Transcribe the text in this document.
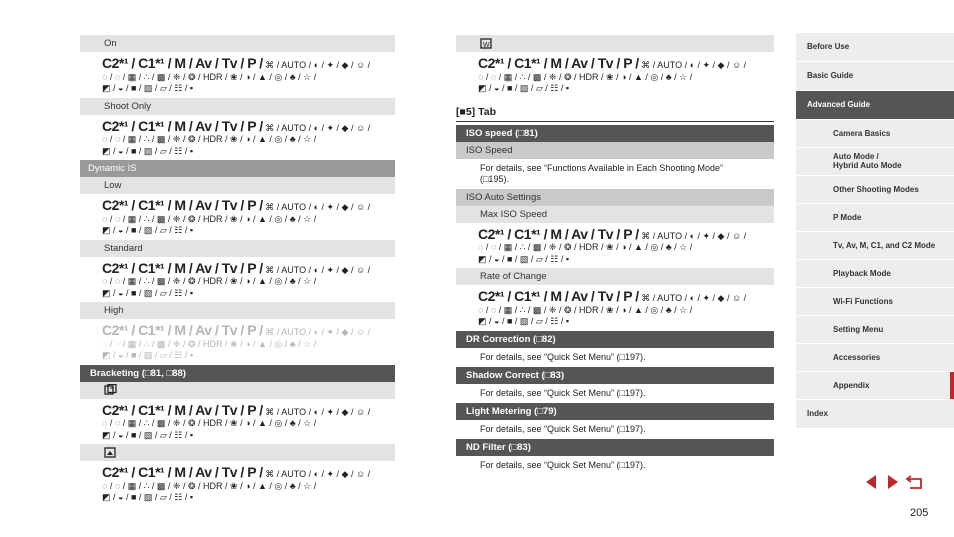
On
C2*¹ / C1*¹ / M / Av / Tv / P / ⌘ / AUTO / ◐ / ✦ / ◆ / ☺ /
◌ / ◌ / ▦ / ∴ / ▩ / ❈ / ❂ / HDR / ❀ / ◑ / ▲ / ◎ / ♣ / ☆ /
◩ / ◒ / ■ / ▧ / ▱ / ☷ / ▪
Shoot Only
C2*¹ / C1*¹ / M / Av / Tv / P / ⌘ / AUTO / ◐ / ✦ / ◆ / ☺ /
◌ / ◌ / ▦ / ∴ / ▩ / ❈ / ❂ / HDR / ❀ / ◑ / ▲ / ◎ / ♣ / ☆ /
◩ / ◒ / ■ / ▧ / ▱ / ☷ / ▪
Dynamic IS
Low
C2*¹ / C1*¹ / M / Av / Tv / P / ⌘ / AUTO / ◐ / ✦ / ◆ / ☺ /
◌ / ◌ / ▦ / ∴ / ▩ / ❈ / ❂ / HDR / ❀ / ◑ / ▲ / ◎ / ♣ / ☆ /
◩ / ◒ / ■ / ▧ / ▱ / ☷ / ▪
Standard
C2*¹ / C1*¹ / M / Av / Tv / P / ⌘ / AUTO / ◐ / ✦ / ◆ / ☺ /
◌ / ◌ / ▦ / ∴ / ▩ / ❈ / ❂ / HDR / ❀ / ◑ / ▲ / ◎ / ♣ / ☆ /
◩ / ◒ / ■ / ▧ / ▱ / ☷ / ▪
High
C2*¹ / C1*¹ / M / Av / Tv / P / ⌘ / AUTO / ◐ / ✦ / ◆ / ☺ /
◌ / ◌ / ▦ / ∴ / ▩ / ❈ / ❂ / HDR / ❀ / ◑ / ▲ / ◎ / ♣ / ☆ /
◩ / ◒ / ■ / ▧ / ▱ / ☷ / ▪
Bracketing (□81, □88)
C2*¹ / C1*¹ / M / Av / Tv / P / ⌘ / AUTO / ◐ / ✦ / ◆ / ☺ /
◌ / ◌ / ▦ / ∴ / ▩ / ❈ / ❂ / HDR / ❀ / ◑ / ▲ / ◎ / ♣ / ☆ /
◩ / ◒ / ■ / ▧ / ▱ / ☷ / ▪
C2*¹ / C1*¹ / M / Av / Tv / P / ⌘ / AUTO / ◐ / ✦ / ◆ / ☺ /
◌ / ◌ / ▦ / ∴ / ▩ / ❈ / ❂ / HDR / ❀ / ◑ / ▲ / ◎ / ♣ / ☆ /
◩ / ◒ / ■ / ▧ / ▱ / ☷ / ▪
W
C2*¹ / C1*¹ / M / Av / Tv / P / ⌘ / AUTO / ◐ / ✦ / ◆ / ☺ /
◌ / ◌ / ▦ / ∴ / ▩ / ❈ / ❂ / HDR / ❀ / ◑ / ▲ / ◎ / ♣ / ☆ /
◩ / ◒ / ■ / ▧ / ▱ / ☷ / ▪
[■5] Tab
ISO speed (□81)
ISO Speed
For details, see “Functions Available in Each Shooting Mode”
(□195).
ISO Auto Settings
Max ISO Speed
C2*¹ / C1*¹ / M / Av / Tv / P / ⌘ / AUTO / ◐ / ✦ / ◆ / ☺ /
◌ / ◌ / ▦ / ∴ / ▩ / ❈ / ❂ / HDR / ❀ / ◑ / ▲ / ◎ / ♣ / ☆ /
◩ / ◒ / ■ / ▧ / ▱ / ☷ / ▪
Rate of Change
C2*¹ / C1*¹ / M / Av / Tv / P / ⌘ / AUTO / ◐ / ✦ / ◆ / ☺ /
◌ / ◌ / ▦ / ∴ / ▩ / ❈ / ❂ / HDR / ❀ / ◑ / ▲ / ◎ / ♣ / ☆ /
◩ / ◒ / ■ / ▧ / ▱ / ☷ / ▪
DR Correction (□82)
For details, see “Quick Set Menu” (□197).
Shadow Correct (□83)
For details, see “Quick Set Menu” (□197).
Light Metering (□79)
For details, see “Quick Set Menu” (□197).
ND Filter (□83)
For details, see “Quick Set Menu” (□197).
Before Use
Basic Guide
Advanced Guide
Camera Basics
Auto Mode /
Hybrid Auto Mode
Other Shooting Modes
P Mode
Tv, Av, M, C1, and C2 Mode
Playback Mode
Wi-Fi Functions
Setting Menu
Accessories
Appendix
Index
205
